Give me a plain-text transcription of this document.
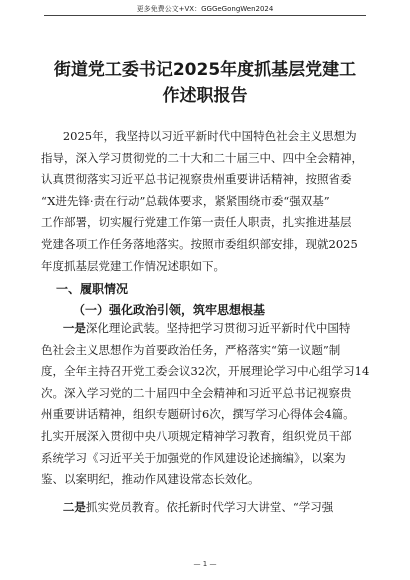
更多免费公文+VX：GGGeGongWen2024
街道党工委书记2025年度抓基层党建工
作述职报告
2025年，我坚持以习近平新时代中国特色社会主义思想为
指导，深入学习贯彻党的二十大和二十届三中、四中全会精神，
认真贯彻落实习近平总书记视察贵州重要讲话精神，按照省委
“X进先锋·责在行动”总载体要求，紧紧围绕市委“强双基”
工作部署，切实履行党建工作第一责任人职责，扎实推进基层
党建各项工作任务落地落实。按照市委组织部安排，现就2025
年度抓基层党建工作情况述职如下。
一、履职情况
（一）强化政治引领，筑牢思想根基
一是深化理论武装。坚持把学习贯彻习近平新时代中国特
色社会主义思想作为首要政治任务，严格落实“第一议题”制
度，全年主持召开党工委会议32次，开展理论学习中心组学习14
次。深入学习党的二十届四中全会精神和习近平总书记视察贵
州重要讲话精神，组织专题研讨6次，撰写学习心得体会4篇。
扎实开展深入贯彻中央八项规定精神学习教育，组织党员干部
系统学习《习近平关于加强党的作风建设论述摘编》，以案为
鉴、以案明纪，推动作风建设常态长效化。
二是抓实党员教育。依托新时代学习大讲堂、“学习强
— 1 —
